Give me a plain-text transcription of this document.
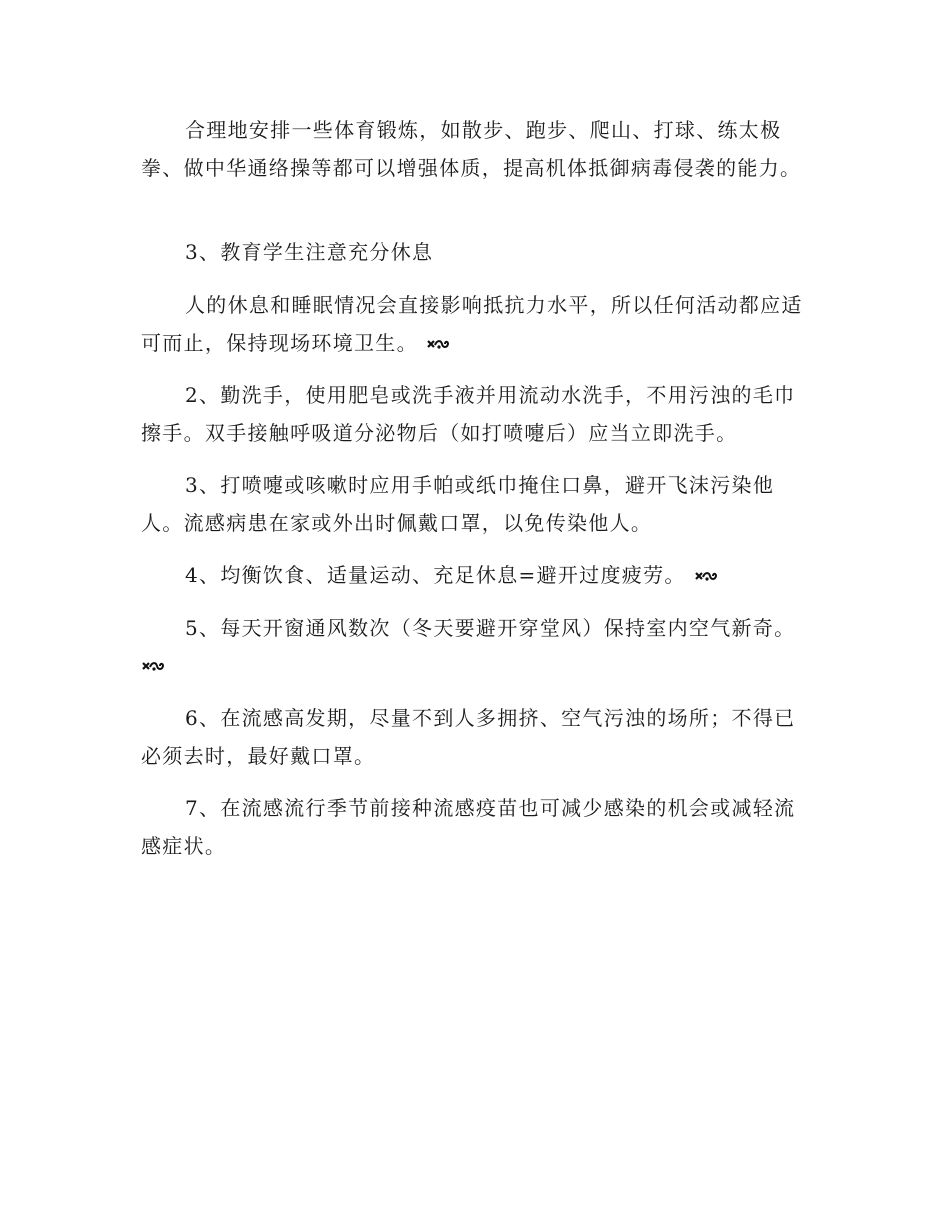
合理地安排一些体育锻炼，如散步、跑步、爬山、打球、练太极拳、做中华通络操等都可以增强体质，提高机体抵御病毒侵袭的能力。

3、教育学生注意充分休息

人的休息和睡眠情况会直接影响抵抗力水平，所以任何活动都应适可而止，保持现场环境卫生。

2、勤洗手，使用肥皂或洗手液并用流动水洗手，不用污浊的毛巾擦手。双手接触呼吸道分泌物后（如打喷嚏后）应当立即洗手。

3、打喷嚏或咳嗽时应用手帕或纸巾掩住口鼻，避开飞沫污染他人。流感病患在家或外出时佩戴口罩，以免传染他人。

4、均衡饮食、适量运动、充足休息=避开过度疲劳。

5、每天开窗通风数次（冬天要避开穿堂风）保持室内空气新奇。

6、在流感高发期，尽量不到人多拥挤、空气污浊的场所；不得已必须去时，最好戴口罩。

7、在流感流行季节前接种流感疫苗也可减少感染的机会或减轻流感症状。
